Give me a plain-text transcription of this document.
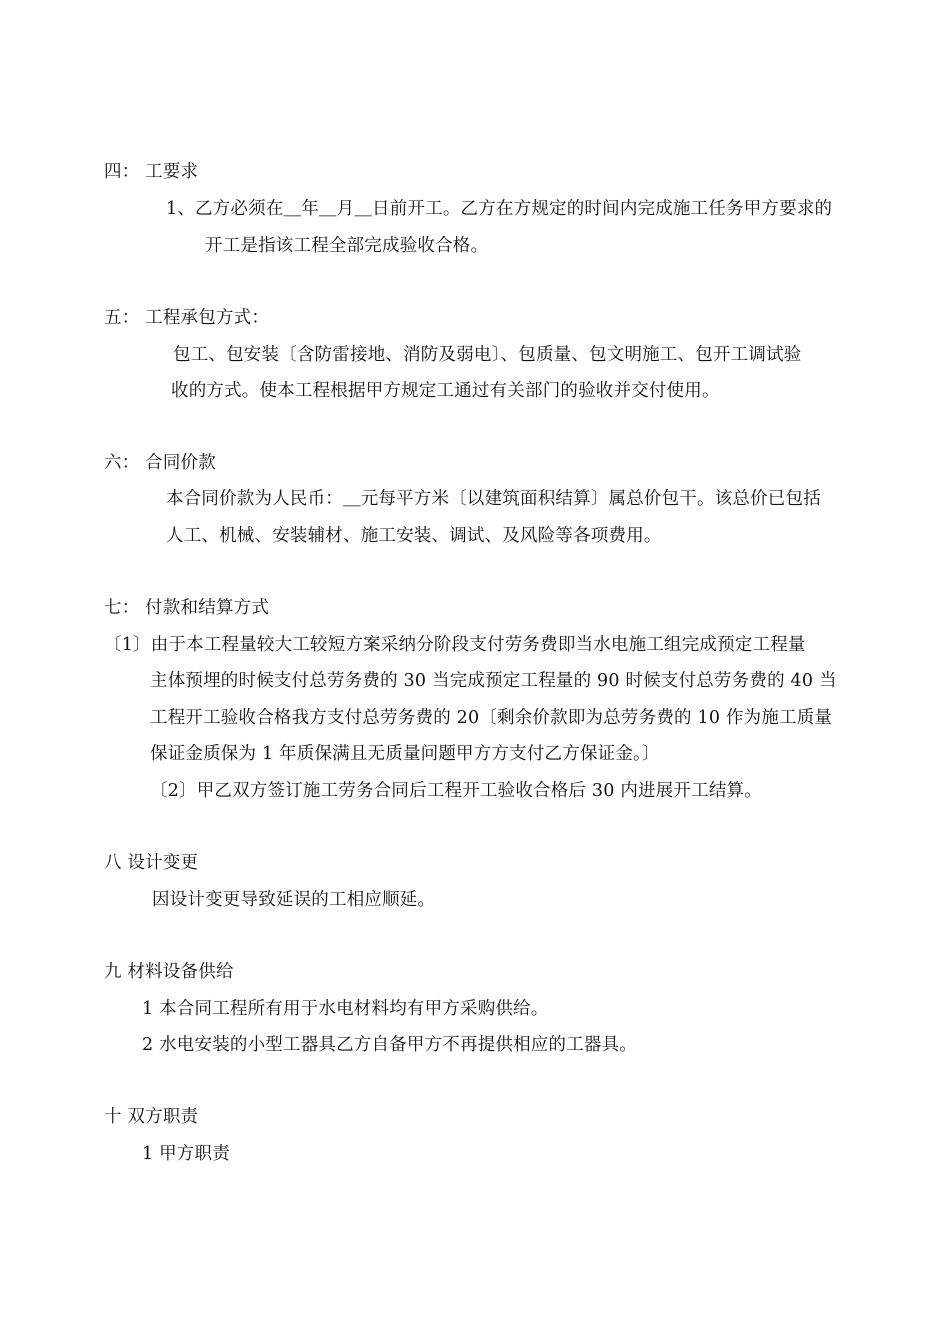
四： 工要求
1、乙方必须在＿年＿月＿日前开工。乙方在方规定的时间内完成施工任务甲方要求的
开工是指该工程全部完成验收合格。
五： 工程承包方式：
包工、包安装〔含防雷接地、消防及弱电〕、包质量、包文明施工、包开工调试验
收的方式。使本工程根据甲方规定工通过有关部门的验收并交付使用。
六： 合同价款
本合同价款为人民币：＿元每平方米〔以建筑面积结算〕属总价包干。该总价已包括
人工、机械、安装辅材、施工安装、调试、及风险等各项费用。
七： 付款和结算方式
〔1〕由于本工程量较大工较短方案采纳分阶段支付劳务费即当水电施工组完成预定工程量
主体预埋的时候支付总劳务费的 30 当完成预定工程量的 90 时候支付总劳务费的 40 当
工程开工验收合格我方支付总劳务费的 20〔剩余价款即为总劳务费的 10 作为施工质量
保证金质保为 1 年质保满且无质量问题甲方方支付乙方保证金。〕
〔2〕甲乙双方签订施工劳务合同后工程开工验收合格后 30 内进展开工结算。
八 设计变更
因设计变更导致延误的工相应顺延。
九 材料设备供给
1 本合同工程所有用于水电材料均有甲方采购供给。
2 水电安装的小型工器具乙方自备甲方不再提供相应的工器具。
十 双方职责
1 甲方职责
